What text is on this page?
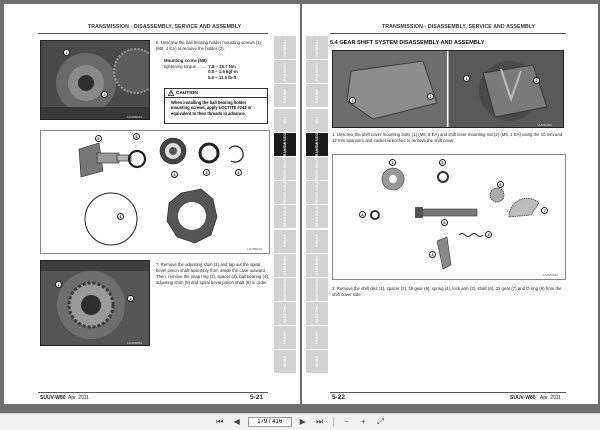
TRANSMISSION - DISASSEMBLY, SERVICE AND ASSEMBLY
1
2
LAC09903A
6. Unscrew the ball bearing holder mounting screws (1) (M8, 4 EA) to remove the holder (2).
Mounting screw (M8)
tightening torque ....... 7.8 ~ 15.7 Nm
0.8 ~ 1.6 kgf-m
5.8 ~ 11.5 lb-ft
CAUTION
When installing the ball bearing holder mounting screws, apply LOCTITE #242 or equivalent to their threads in advance.
6	5
4	3	2
1
LAC09904A
1
2
LAC09905A
7. Remove the adjusting shim (1) and tap out the spiral bevel pinion shaft assembly from inside the case outward. Then, remove the snap ring (2), spacer (3), ball bearing (4), adjusting shim (5) and spiral bevel pinion shaft (6) in order.
SUUV-W80 Apr. 2011	5-21
GENERAL
PERIODIC
ENGINE
CVT
TRANSMISSION
DRIVE SHAFT
FRONT AXLE
REAR AXLE
BRAKE
STEERING
SUSPENSION
ELECTRIC
FRAME
INDEX
TRANSMISSION - DISASSEMBLY, SERVICE AND ASSEMBLY
5.4 GEAR SHIFT SYSTEM DISASSEMBLY AND ASSEMBLY
1
2
1	2
LAA55103A
1. Unscrew the shift cover mounting bolts (1) (M6, 5 EA) and shift lever mounting nut (2) (M8, 1 EA) using the 10 mm and 12 mm spanners and socket wrenches to remove the shift cover.
1	2
3
4
5
6
7
8
LAA55104A
2. Remove the shift disc (1), spacer (2), 16 gear (5), spring (4), lock arm (3), shaft (6), 33 gear (7) and O-ring (8) from the shift cover side.
5-22	SUUV-W80 Apr. 2011
GENERAL
PERIODIC
ENGINE
CVT
TRANSMISSION
DRIVE SHAFT
FRONT AXLE
REAR AXLE
BRAKE
STEERING
SUSPENSION
ELECTRIC
FRAME
INDEX
⏮	◀
179 / 416	▶	⏭	−	+	⤢
